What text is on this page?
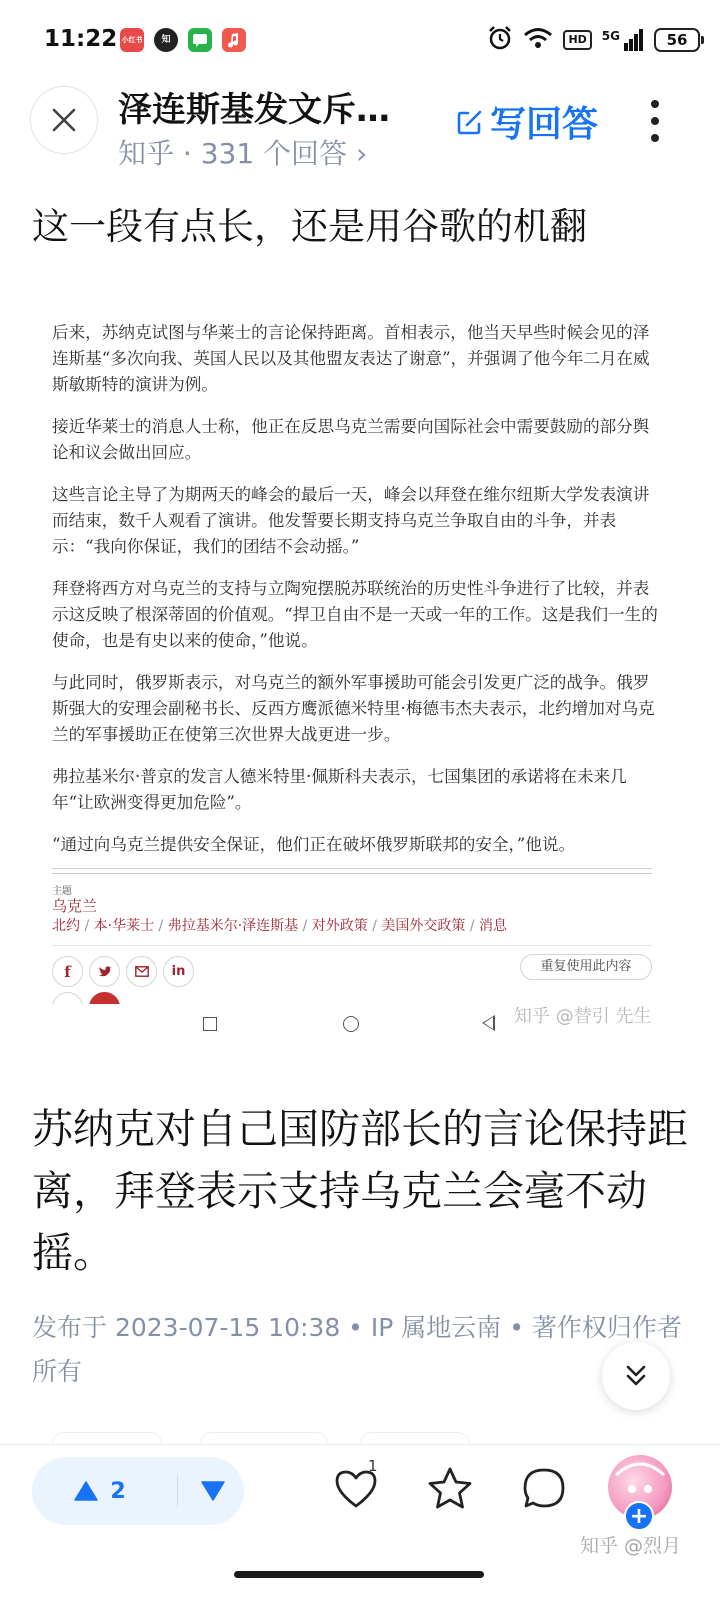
11:22 小红书	知	HD	5G	56
泽连斯基发文斥…
知乎 · 331 个回答 ›
写回答
这一段有点长，还是用谷歌的机翻

后来，苏纳克试图与华莱士的言论保持距离。首相表示，他当天早些时候会见的泽连斯基“多次向我、英国人民以及其他盟友表达了谢意”，并强调了他今年二月在威斯敏斯特的演讲为例。

接近华莱士的消息人士称，他正在反思乌克兰需要向国际社会中需要鼓励的部分舆论和议会做出回应。

这些言论主导了为期两天的峰会的最后一天，峰会以拜登在维尔纽斯大学发表演讲而结束，数千人观看了演讲。他发誓要长期支持乌克兰争取自由的斗争，并表示：“我向你保证，我们的团结不会动摇。”

拜登将西方对乌克兰的支持与立陶宛摆脱苏联统治的历史性斗争进行了比较，并表示这反映了根深蒂固的价值观。“捍卫自由不是一天或一年的工作。这是我们一生的使命，也是有史以来的使命，”他说。

与此同时，俄罗斯表示，对乌克兰的额外军事援助可能会引发更广泛的战争。俄罗斯强大的安理会副秘书长、反西方鹰派德米特里·梅德韦杰夫表示，北约增加对乌克兰的军事援助正在使第三次世界大战更进一步。

弗拉基米尔·普京的发言人德米特里·佩斯科夫表示，七国集团的承诺将在未来几年“让欧洲变得更加危险”。

“通过向乌克兰提供安全保证，他们正在破坏俄罗斯联邦的安全，”他说。

主题
乌克兰
北约 / 本·华莱士 / 弗拉基米尔·泽连斯基 / 对外政策 / 美国外交政策 / 消息
f	in	重复使用此内容
知乎 @替引 先生
苏纳克对自己国防部长的言论保持距离，拜登表示支持乌克兰会毫不动摇。
发布于 2023-07-15 10:38 • IP 属地云南 • 著作权归作者所有
2
1
+
知乎 @烈月
